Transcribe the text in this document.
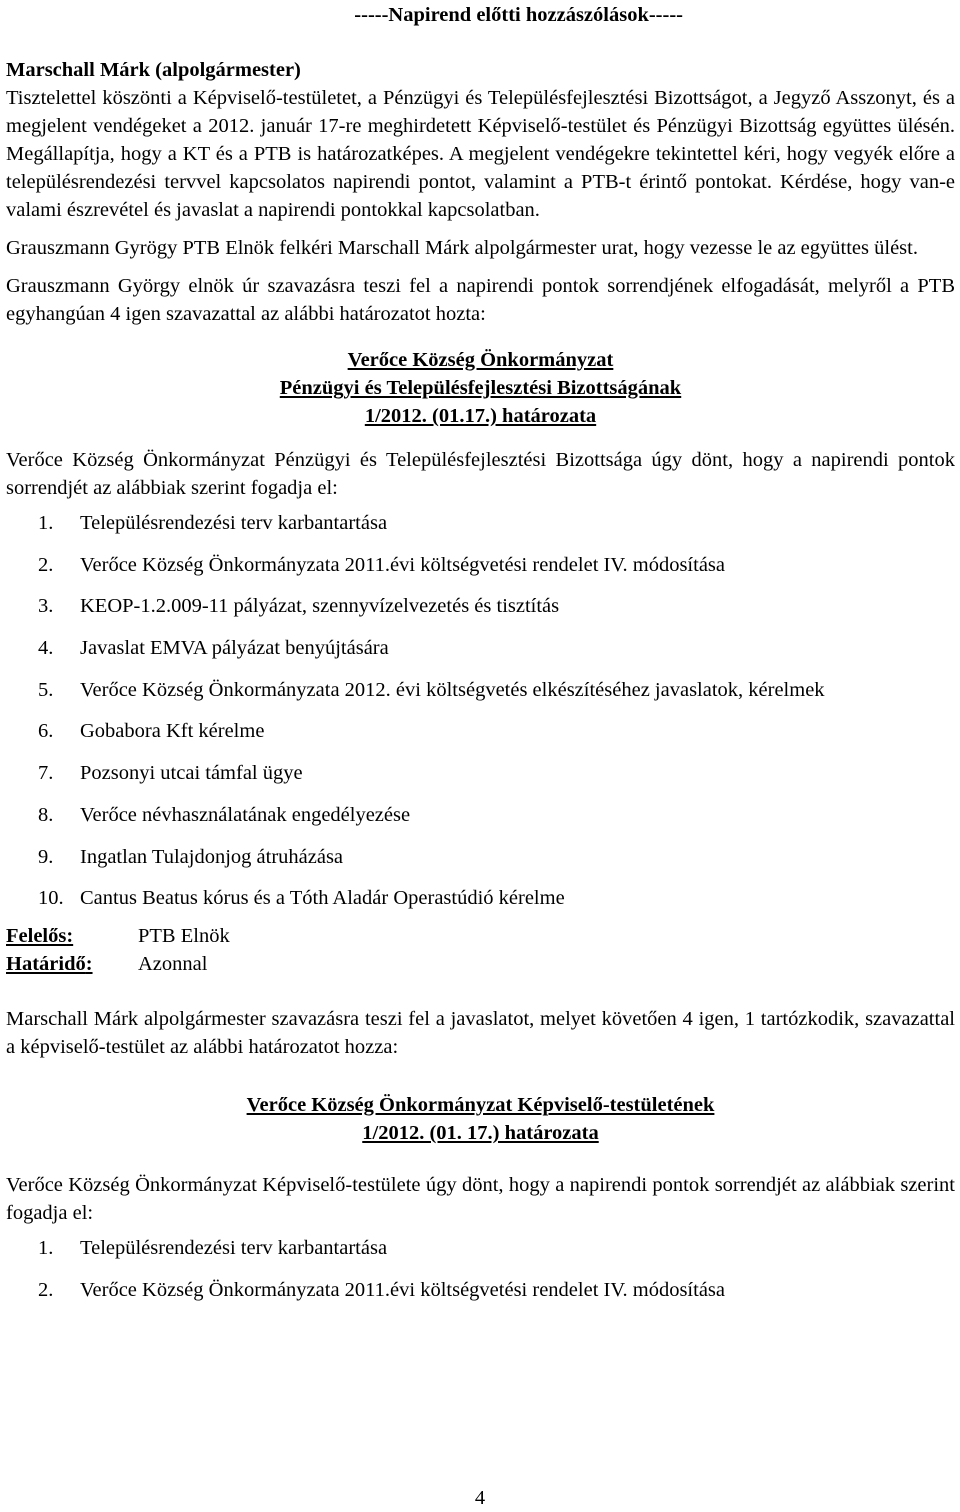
-----Napirend előtti hozzászólások-----

Marschall Márk (alpolgármester)

Tisztelettel köszönti a Képviselő-testületet, a Pénzügyi és Településfejlesztési Bizottságot, a Jegyző Asszonyt, és a megjelent vendégeket a 2012. január 17-re meghirdetett Képviselő-testület és Pénzügyi Bizottság együttes ülésén. Megállapítja, hogy a KT és a PTB is határozatképes. A megjelent vendégekre tekintettel kéri, hogy vegyék előre a településrendezési tervvel kapcsolatos napirendi pontot, valamint a PTB-t érintő pontokat. Kérdése, hogy van-e valami észrevétel és javaslat a napirendi pontokkal kapcsolatban.

Grauszmann Gyrögy PTB Elnök felkéri Marschall Márk alpolgármester urat, hogy vezesse le az együttes ülést.

Grauszmann György elnök úr szavazásra teszi fel a napirendi pontok sorrendjének elfogadását, melyről a PTB egyhangúan 4 igen szavazattal az alábbi határozatot hozta:

Verőce Község Önkormányzat
Pénzügyi és Településfejlesztési Bizottságának
1/2012. (01.17.) határozata

Verőce Község Önkormányzat Pénzügyi és Településfejlesztési Bizottsága úgy dönt, hogy a napirendi pontok sorrendjét az alábbiak szerint fogadja el:

1.	Településrendezési terv karbantartása
2.	Verőce Község Önkormányzata 2011.évi költségvetési rendelet IV. módosítása
3.	KEOP-1.2.009-11 pályázat, szennyvízelvezetés és tisztítás
4.	Javaslat EMVA pályázat benyújtására
5.	Verőce Község Önkormányzata 2012. évi költségvetés elkészítéséhez javaslatok, kérelmek
6.	Gobabora Kft kérelme
7.	Pozsonyi utcai támfal ügye
8.	Verőce névhasználatának engedélyezése
9.	Ingatlan Tulajdonjog átruházása
10. Cantus Beatus kórus és a Tóth Aladár Operastúdió kérelme
Felelős:	PTB Elnök
Határidő:	Azonnal

Marschall Márk alpolgármester szavazásra teszi fel a javaslatot, melyet követően 4 igen, 1 tartózkodik, szavazattal a képviselő-testület az alábbi határozatot hozza:

Verőce Község Önkormányzat Képviselő-testületének
1/2012. (01. 17.) határozata

Verőce Község Önkormányzat Képviselő-testülete úgy dönt, hogy a napirendi pontok sorrendjét az alábbiak szerint fogadja el:

1.	Településrendezési terv karbantartása
2.	Verőce Község Önkormányzata 2011.évi költségvetési rendelet IV. módosítása
4
